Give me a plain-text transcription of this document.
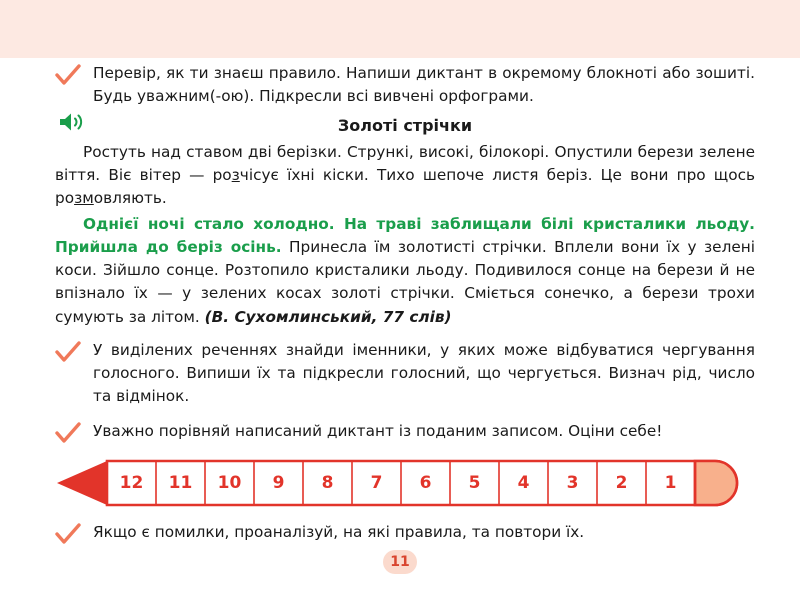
Перевір, як ти знаєш правило. Напиши диктант в окремому блокноті або зошиті. Будь уважним(-ою). Підкресли всі вивчені орфограми.
Золоті стрічки
Ростуть над ставом дві берізки. Стрункі, високі, білокорі. Опустили берези зелене віття. Віє вітер — розчісує їхні кіски. Тихо шепоче листя беріз. Це вони про щось розмовляють.
Однієї ночі стало холодно. На траві заблищали білі кристалики льоду. Прийшла до беріз осінь. Принесла їм золотисті стрічки. Вплели вони їх у зелені коси. Зійшло сонце. Розтопило кристалики льоду. Подивилося сонце на берези й не впізнало їх — у зелених косах золоті стрічки. Сміється сонечко, а берези трохи сумують за літом. (В. Сухомлинський, 77 слів)
У виділених реченнях знайди іменники, у яких може відбуватися чергування голосного. Випиши їх та підкресли голосний, що чергується. Визнач рід, число та відмінок.
Уважно порівняй написаний диктант із поданим записом. Оціни себе!
12	11	10	9	8	7	6	5	4	3	2	1
Якщо є помилки, проаналізуй, на які правила, та повтори їх.
11
